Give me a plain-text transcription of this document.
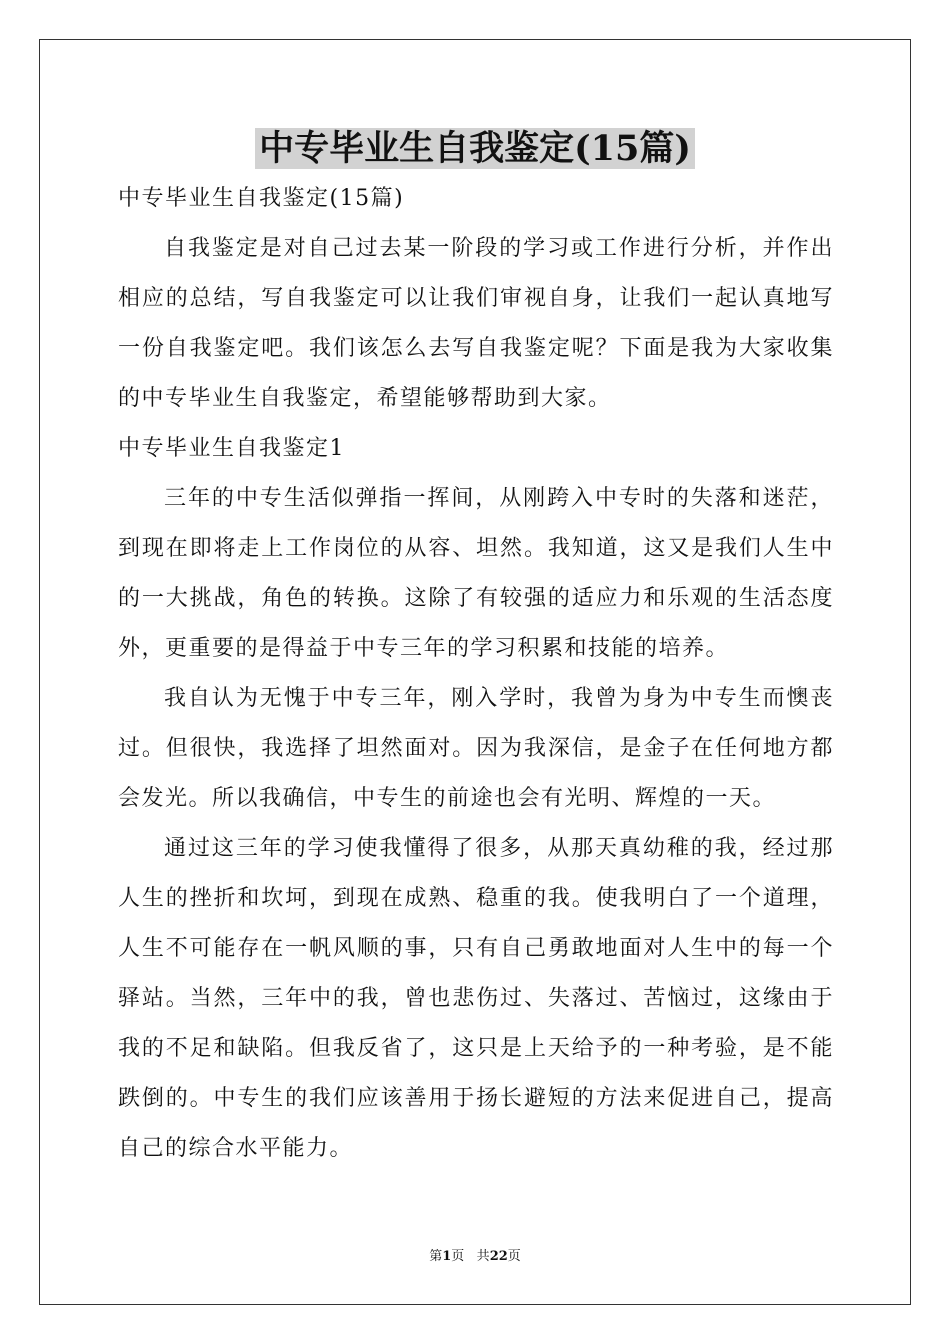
中专毕业生自我鉴定(15篇)

中专毕业生自我鉴定(15篇)

自我鉴定是对自己过去某一阶段的学习或工作进行分析，并作出

相应的总结，写自我鉴定可以让我们审视自身，让我们一起认真地写

一份自我鉴定吧。我们该怎么去写自我鉴定呢？下面是我为大家收集

的中专毕业生自我鉴定，希望能够帮助到大家。

中专毕业生自我鉴定1

三年的中专生活似弹指一挥间，从刚跨入中专时的失落和迷茫，

到现在即将走上工作岗位的从容、坦然。我知道，这又是我们人生中

的一大挑战，角色的转换。这除了有较强的适应力和乐观的生活态度

外，更重要的是得益于中专三年的学习积累和技能的培养。

我自认为无愧于中专三年，刚入学时，我曾为身为中专生而懊丧

过。但很快，我选择了坦然面对。因为我深信，是金子在任何地方都

会发光。所以我确信，中专生的前途也会有光明、辉煌的一天。

通过这三年的学习使我懂得了很多，从那天真幼稚的我，经过那

人生的挫折和坎坷，到现在成熟、稳重的我。使我明白了一个道理，

人生不可能存在一帆风顺的事，只有自己勇敢地面对人生中的每一个

驿站。当然，三年中的我，曾也悲伤过、失落过、苦恼过，这缘由于

我的不足和缺陷。但我反省了，这只是上天给予的一种考验，是不能

跌倒的。中专生的我们应该善用于扬长避短的方法来促进自己，提高

自己的综合水平能力。

第1页 共22页
